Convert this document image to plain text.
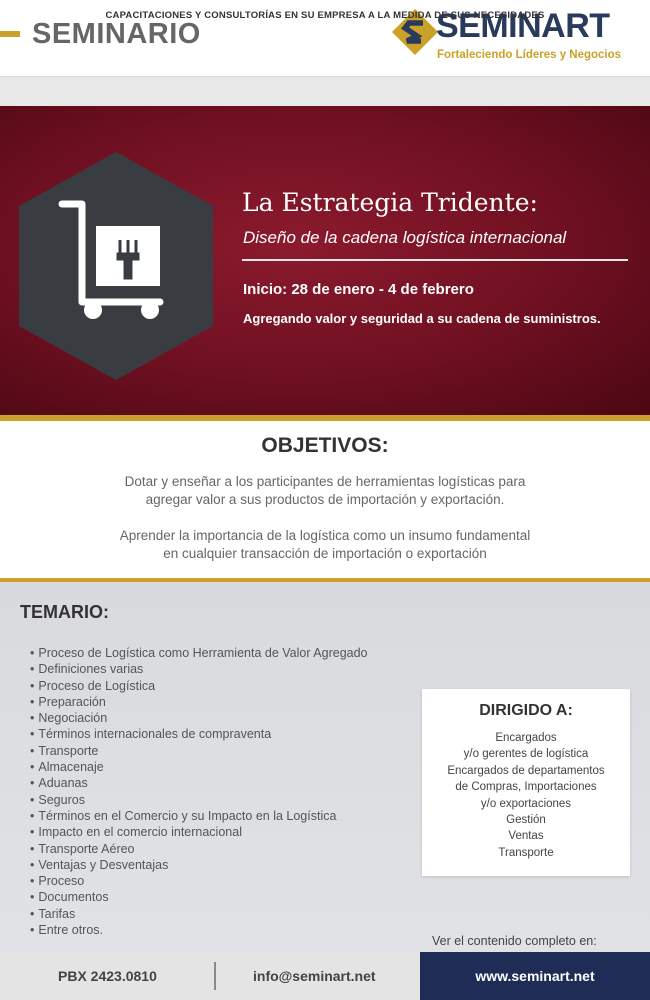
SEMINARIO	SEMINART
Fortaleciendo Líderes y Negocios
CAPACITACIONES Y CONSULTORÍAS EN SU EMPRESA A LA MEDIDA DE SUS NECESIDADES
La Estrategia Tridente:
Diseño de la cadena logística internacional
Inicio: 28 de enero - 4 de febrero
Agregando valor y seguridad a su cadena de suministros.
OBJETIVOS:
Dotar y enseñar a los participantes de herramientas logísticas para
agregar valor a sus productos de importación y exportación.
Aprender la importancia de la logística como un insumo fundamental
en cualquier transacción de importación o exportación
TEMARIO:
• Proceso de Logística como Herramienta de Valor Agregado
• Definiciones varias
• Proceso de Logística
• Preparación
• Negociación
• Términos internacionales de compraventa
• Transporte
• Almacenaje
• Aduanas
• Seguros
• Términos en el Comercio y su Impacto en la Logística
• Impacto en el comercio internacional
• Transporte Aéreo
• Ventajas y Desventajas
• Proceso
• Documentos
• Tarifas
• Entre otros.
DIRIGIDO A:
Encargados
y/o gerentes de logística
Encargados de departamentos
de Compras, Importaciones
y/o exportaciones
Gestión
Ventas
Transporte
Ver el contenido completo en:
PBX 2423.0810	info@seminart.net	www.seminart.net
